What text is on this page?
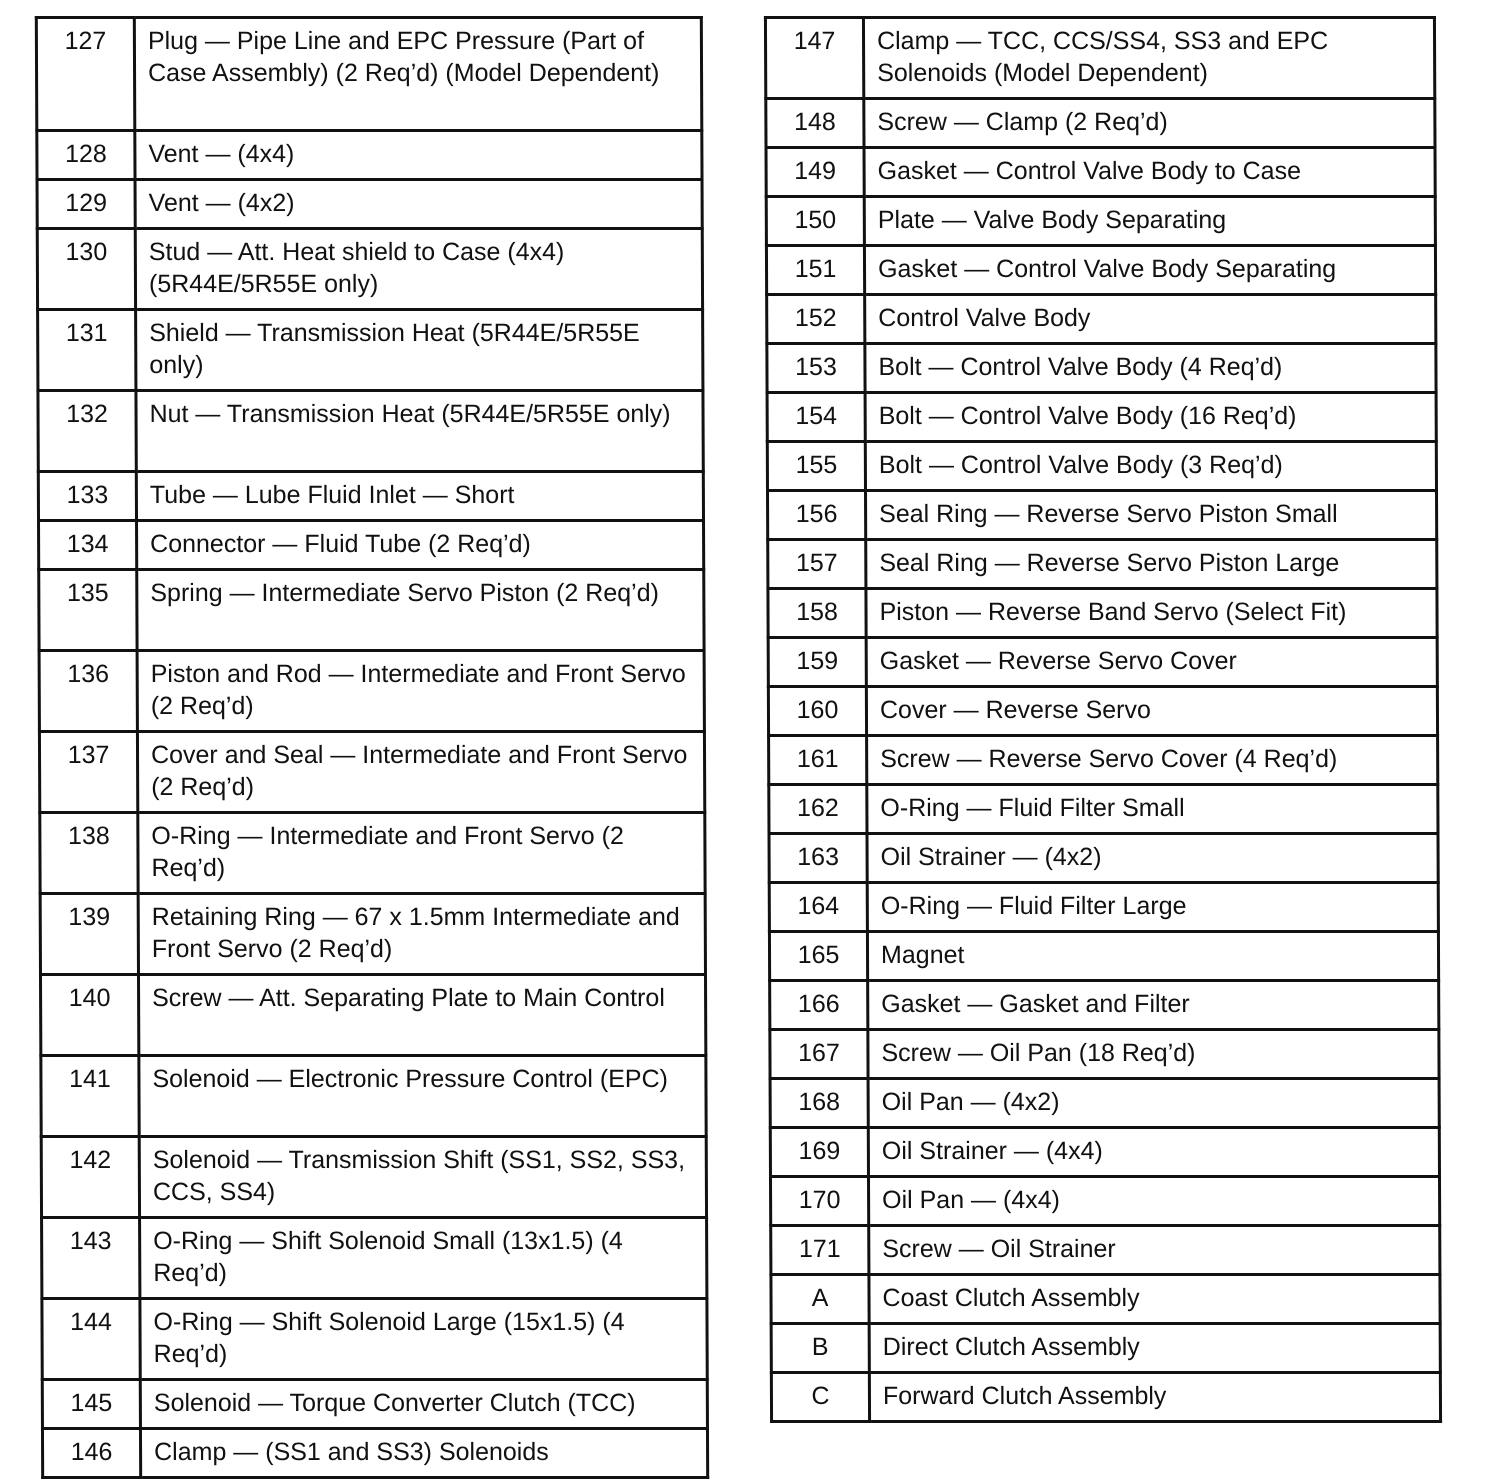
127	Plug — Pipe Line and EPC Pressure (Part of Case Assembly) (2 Req’d) (Model Dependent)
128	Vent — (4x4)
129	Vent — (4x2)
130	Stud — Att. Heat shield to Case (4x4) (5R44E/5R55E only)
131	Shield — Transmission Heat (5R44E/5R55E only)
132	Nut — Transmission Heat (5R44E/5R55E only)
133	Tube — Lube Fluid Inlet — Short
134	Connector — Fluid Tube (2 Req’d)
135	Spring — Intermediate Servo Piston (2 Req’d)
136	Piston and Rod — Intermediate and Front Servo (2 Req’d)
137	Cover and Seal — Intermediate and Front Servo (2 Req’d)
138	O-Ring — Intermediate and Front Servo (2 Req’d)
139	Retaining Ring — 67 x 1.5mm Intermediate and Front Servo (2 Req’d)
140	Screw — Att. Separating Plate to Main Control
141	Solenoid — Electronic Pressure Control (EPC)
142	Solenoid — Transmission Shift (SS1, SS2, SS3, CCS, SS4)
143	O-Ring — Shift Solenoid Small (13x1.5) (4 Req’d)
144	O-Ring — Shift Solenoid Large (15x1.5) (4 Req’d)
145	Solenoid — Torque Converter Clutch (TCC)
146	Clamp — (SS1 and SS3) Solenoids
147	Clamp — TCC, CCS/SS4, SS3 and EPC Solenoids (Model Dependent)
148	Screw — Clamp (2 Req’d)
149	Gasket — Control Valve Body to Case
150	Plate — Valve Body Separating
151	Gasket — Control Valve Body Separating
152	Control Valve Body
153	Bolt — Control Valve Body (4 Req’d)
154	Bolt — Control Valve Body (16 Req’d)
155	Bolt — Control Valve Body (3 Req’d)
156	Seal Ring — Reverse Servo Piston Small
157	Seal Ring — Reverse Servo Piston Large
158	Piston — Reverse Band Servo (Select Fit)
159	Gasket — Reverse Servo Cover
160	Cover — Reverse Servo
161	Screw — Reverse Servo Cover (4 Req’d)
162	O-Ring — Fluid Filter Small
163	Oil Strainer — (4x2)
164	O-Ring — Fluid Filter Large
165	Magnet
166	Gasket — Gasket and Filter
167	Screw — Oil Pan (18 Req’d)
168	Oil Pan — (4x2)
169	Oil Strainer — (4x4)
170	Oil Pan — (4x4)
171	Screw — Oil Strainer
A	Coast Clutch Assembly
B	Direct Clutch Assembly
C	Forward Clutch Assembly
